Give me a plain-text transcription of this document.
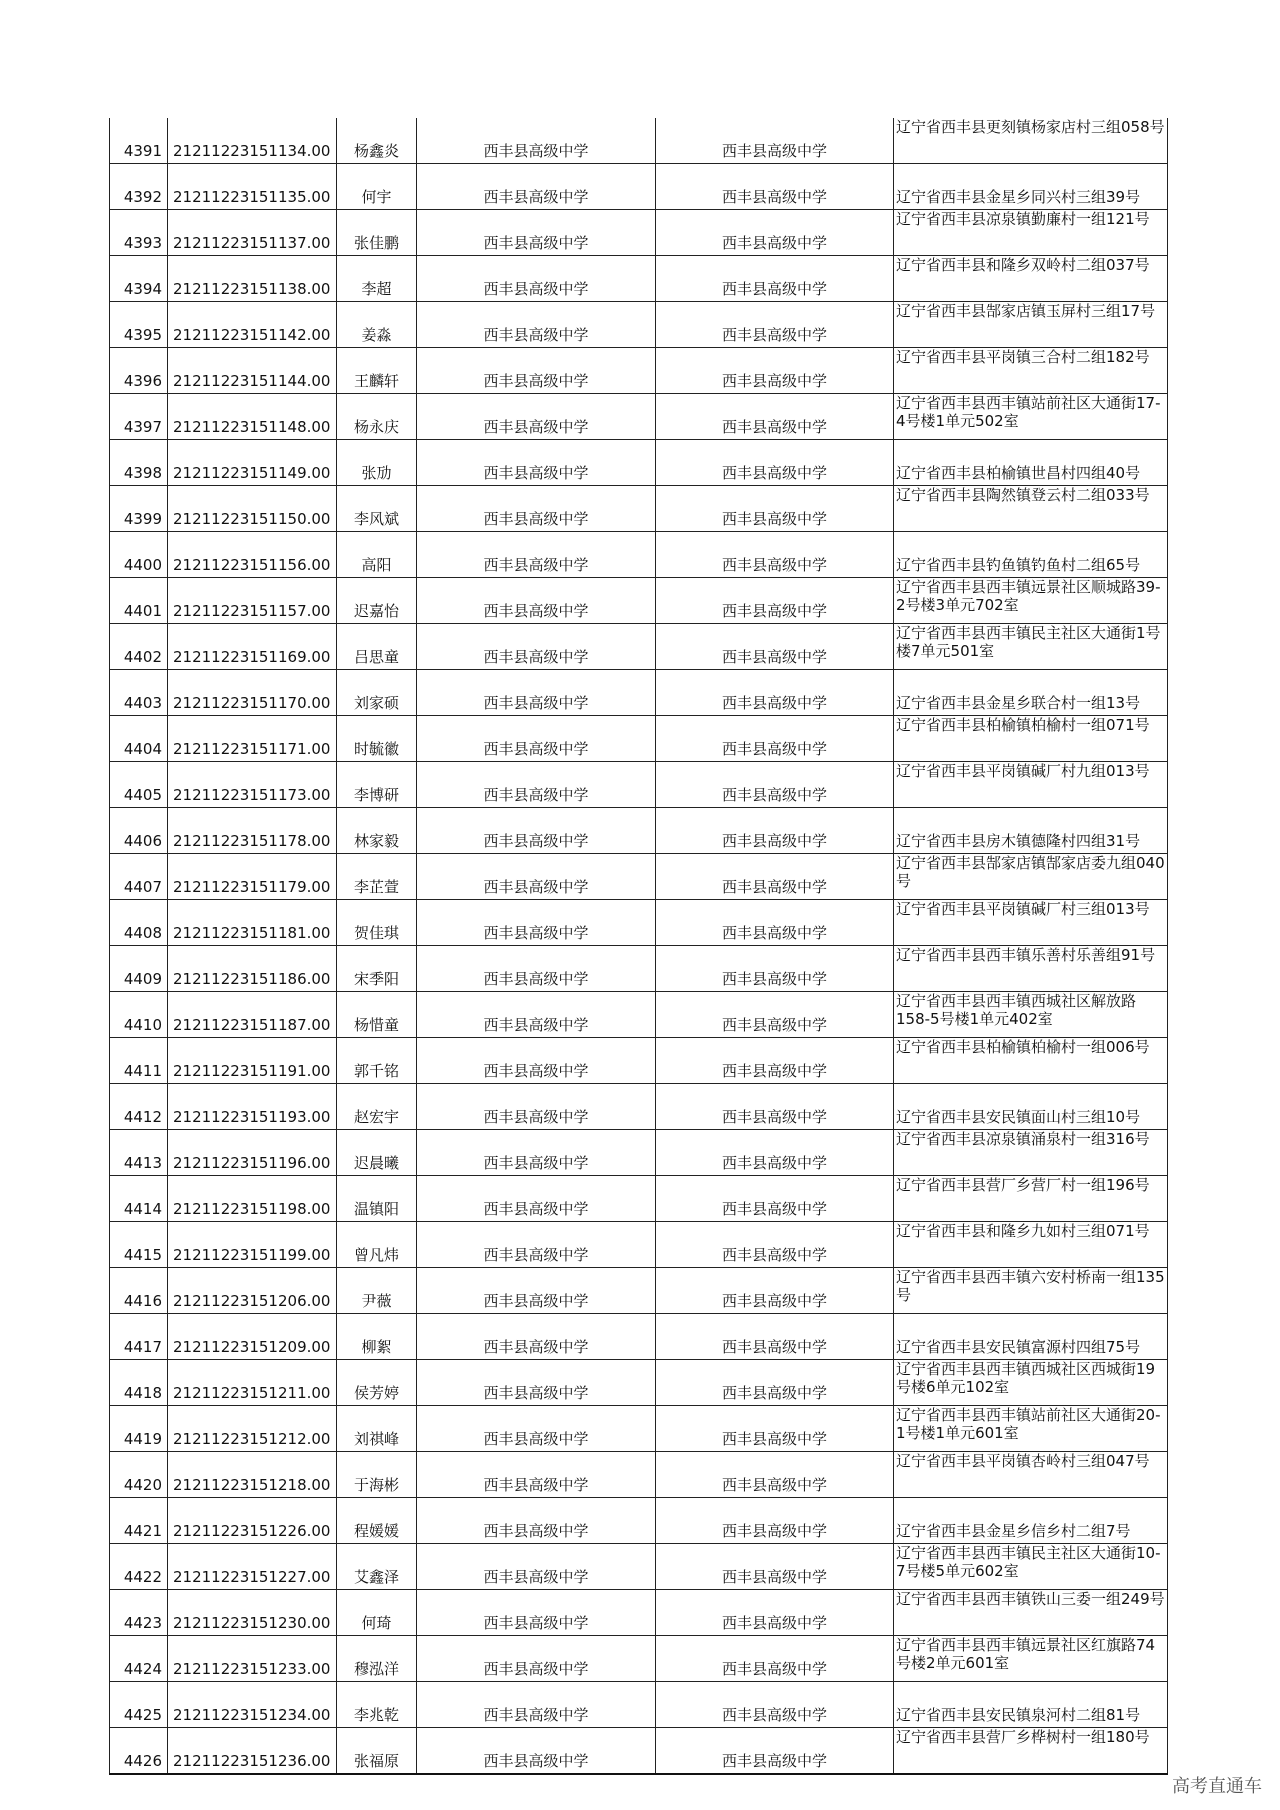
4391	21211223151134.00	杨鑫炎	西丰县高级中学	西丰县高级中学	辽宁省西丰县更刻镇杨家店村三组058号
4392	21211223151135.00	何宇	西丰县高级中学	西丰县高级中学	辽宁省西丰县金星乡同兴村三组39号
4393	21211223151137.00	张佳鹏	西丰县高级中学	西丰县高级中学	辽宁省西丰县凉泉镇勤廉村一组121号
4394	21211223151138.00	李超	西丰县高级中学	西丰县高级中学	辽宁省西丰县和隆乡双岭村二组037号
4395	21211223151142.00	姜淼	西丰县高级中学	西丰县高级中学	辽宁省西丰县郜家店镇玉屏村三组17号
4396	21211223151144.00	王麟轩	西丰县高级中学	西丰县高级中学	辽宁省西丰县平岗镇三合村二组182号
4397	21211223151148.00	杨永庆	西丰县高级中学	西丰县高级中学	辽宁省西丰县西丰镇站前社区大通街17-4号楼1单元502室
4398	21211223151149.00	张劢	西丰县高级中学	西丰县高级中学	辽宁省西丰县柏榆镇世昌村四组40号
4399	21211223151150.00	李风斌	西丰县高级中学	西丰县高级中学	辽宁省西丰县陶然镇登云村二组033号
4400	21211223151156.00	高阳	西丰县高级中学	西丰县高级中学	辽宁省西丰县钓鱼镇钓鱼村二组65号
4401	21211223151157.00	迟嘉怡	西丰县高级中学	西丰县高级中学	辽宁省西丰县西丰镇远景社区顺城路39-2号楼3单元702室
4402	21211223151169.00	吕思童	西丰县高级中学	西丰县高级中学	辽宁省西丰县西丰镇民主社区大通街1号楼7单元501室
4403	21211223151170.00	刘家硕	西丰县高级中学	西丰县高级中学	辽宁省西丰县金星乡联合村一组13号
4404	21211223151171.00	时毓徽	西丰县高级中学	西丰县高级中学	辽宁省西丰县柏榆镇柏榆村一组071号
4405	21211223151173.00	李博研	西丰县高级中学	西丰县高级中学	辽宁省西丰县平岗镇碱厂村九组013号
4406	21211223151178.00	林家毅	西丰县高级中学	西丰县高级中学	辽宁省西丰县房木镇德隆村四组31号
4407	21211223151179.00	李芷萱	西丰县高级中学	西丰县高级中学	辽宁省西丰县郜家店镇郜家店委九组040号
4408	21211223151181.00	贺佳琪	西丰县高级中学	西丰县高级中学	辽宁省西丰县平岗镇碱厂村三组013号
4409	21211223151186.00	宋季阳	西丰县高级中学	西丰县高级中学	辽宁省西丰县西丰镇乐善村乐善组91号
4410	21211223151187.00	杨惜童	西丰县高级中学	西丰县高级中学	辽宁省西丰县西丰镇西城社区解放路158-5号楼1单元402室
4411	21211223151191.00	郭千铭	西丰县高级中学	西丰县高级中学	辽宁省西丰县柏榆镇柏榆村一组006号
4412	21211223151193.00	赵宏宇	西丰县高级中学	西丰县高级中学	辽宁省西丰县安民镇面山村三组10号
4413	21211223151196.00	迟晨曦	西丰县高级中学	西丰县高级中学	辽宁省西丰县凉泉镇涌泉村一组316号
4414	21211223151198.00	温镇阳	西丰县高级中学	西丰县高级中学	辽宁省西丰县营厂乡营厂村一组196号
4415	21211223151199.00	曾凡炜	西丰县高级中学	西丰县高级中学	辽宁省西丰县和隆乡九如村三组071号
4416	21211223151206.00	尹薇	西丰县高级中学	西丰县高级中学	辽宁省西丰县西丰镇六安村桥南一组135号
4417	21211223151209.00	柳絮	西丰县高级中学	西丰县高级中学	辽宁省西丰县安民镇富源村四组75号
4418	21211223151211.00	侯芳婷	西丰县高级中学	西丰县高级中学	辽宁省西丰县西丰镇西城社区西城街19号楼6单元102室
4419	21211223151212.00	刘祺峰	西丰县高级中学	西丰县高级中学	辽宁省西丰县西丰镇站前社区大通街20-1号楼1单元601室
4420	21211223151218.00	于海彬	西丰县高级中学	西丰县高级中学	辽宁省西丰县平岗镇杏岭村三组047号
4421	21211223151226.00	程媛媛	西丰县高级中学	西丰县高级中学	辽宁省西丰县金星乡信乡村二组7号
4422	21211223151227.00	艾鑫泽	西丰县高级中学	西丰县高级中学	辽宁省西丰县西丰镇民主社区大通街10-7号楼5单元602室
4423	21211223151230.00	何琦	西丰县高级中学	西丰县高级中学	辽宁省西丰县西丰镇铁山三委一组249号
4424	21211223151233.00	穆泓洋	西丰县高级中学	西丰县高级中学	辽宁省西丰县西丰镇远景社区红旗路74号楼2单元601室
4425	21211223151234.00	李兆乾	西丰县高级中学	西丰县高级中学	辽宁省西丰县安民镇泉河村二组81号
4426	21211223151236.00	张福原	西丰县高级中学	西丰县高级中学	辽宁省西丰县营厂乡桦树村一组180号
高考直通车
